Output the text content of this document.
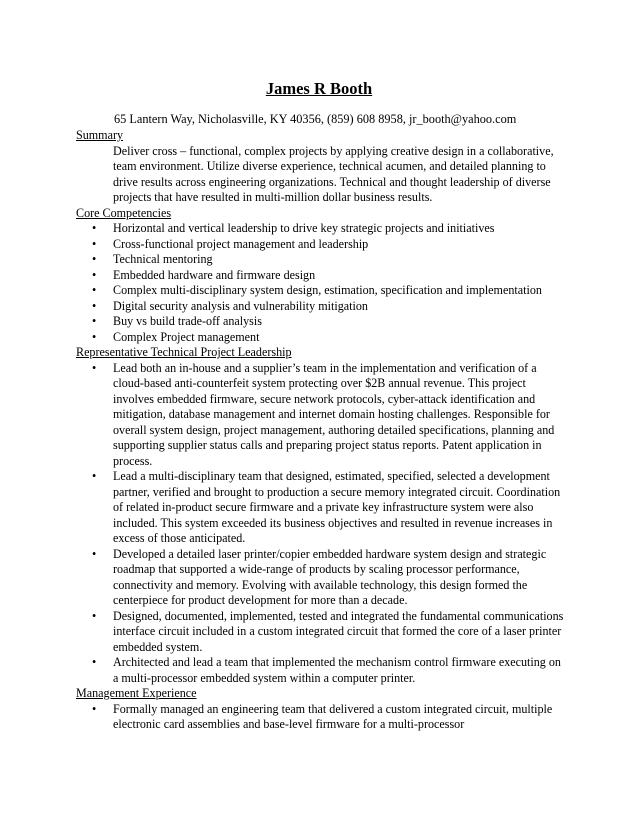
James R Booth
65 Lantern Way, Nicholasville, KY 40356, (859) 608 8958, jr_booth@yahoo.com
Summary
Deliver cross – functional, complex projects by applying creative design in a collaborative, team environment. Utilize diverse experience, technical acumen, and detailed planning to drive results across engineering organizations. Technical and thought leadership of diverse projects that have resulted in multi-million dollar business results.
Core Competencies
• Horizontal and vertical leadership to drive key strategic projects and initiatives
• Cross-functional project management and leadership
• Technical mentoring
• Embedded hardware and firmware design
• Complex multi-disciplinary system design, estimation, specification and implementation
• Digital security analysis and vulnerability mitigation
• Buy vs build trade-off analysis
• Complex Project management
Representative Technical Project Leadership
• Lead both an in-house and a supplier’s team in the implementation and verification of a cloud-based anti-counterfeit system protecting over $2B annual revenue. This project involves embedded firmware, secure network protocols, cyber-attack identification and mitigation, database management and internet domain hosting challenges. Responsible for overall system design, project management, authoring detailed specifications, planning and supporting supplier status calls and preparing project status reports. Patent application in process.
• Lead a multi-disciplinary team that designed, estimated, specified, selected a development partner, verified and brought to production a secure memory integrated circuit. Coordination of related in-product secure firmware and a private key infrastructure system were also included. This system exceeded its business objectives and resulted in revenue increases in excess of those anticipated.
• Developed a detailed laser printer/copier embedded hardware system design and strategic roadmap that supported a wide-range of products by scaling processor performance, connectivity and memory. Evolving with available technology, this design formed the centerpiece for product development for more than a decade.
• Designed, documented, implemented, tested and integrated the fundamental communications interface circuit included in a custom integrated circuit that formed the core of a laser printer embedded system.
• Architected and lead a team that implemented the mechanism control firmware executing on a multi-processor embedded system within a computer printer.
Management Experience
• Formally managed an engineering team that delivered a custom integrated circuit, multiple electronic card assemblies and base-level firmware for a multi-processor
